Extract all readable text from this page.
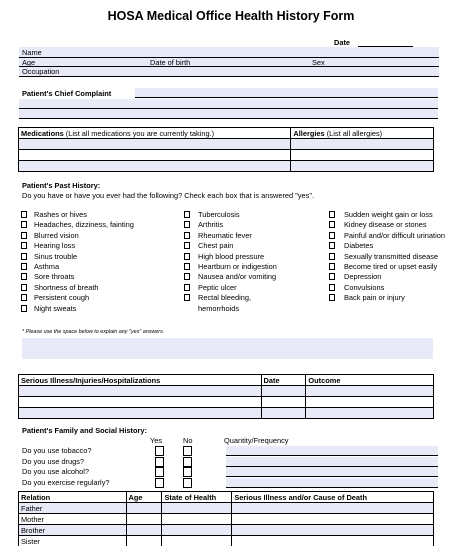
HOSA Medical Office Health History Form
Date
Name
Age	Date of birth	Sex
Occupation
Patient's Chief Complaint
Medications (List all medications you are currently taking.)	Allergies (List all allergies)

Patient's Past History:
Do you have or have you ever had the following? Check each box that is answered "yes".
Rashes or hives
Headaches, dizziness, fainting
Blurred vision
Hearing loss
Sinus trouble
Asthma
Sore throats
Shortness of breath
Persistent cough
Night sweats
Tuberculosis
Arthritis
Rheumatic fever
Chest pain
High blood pressure
Heartburn or indigestion
Nausea and/or vomiting
Peptic ulcer
Rectal bleeding,
hemorrhoids
Sudden weight gain or loss
Kidney disease or stones
Painful and/or difficult urination
Diabetes
Sexually transmitted disease
Become tired or upset easily
Depression
Convulsions
Back pain or injury
* Please use the space below to explain any "yes" answers.
Serious Illness/Injuries/Hospitalizations	Date	Outcome

Patient's Family and Social History:
Yes	No	Quantity/Frequency
Do you use tobacco?
Do you use drugs?
Do you use alcohol?
Do you exercise regularly?
Relation	Age	State of Health	Serious Illness and/or Cause of Death
Father			
Mother			
Brother			
Sister			
